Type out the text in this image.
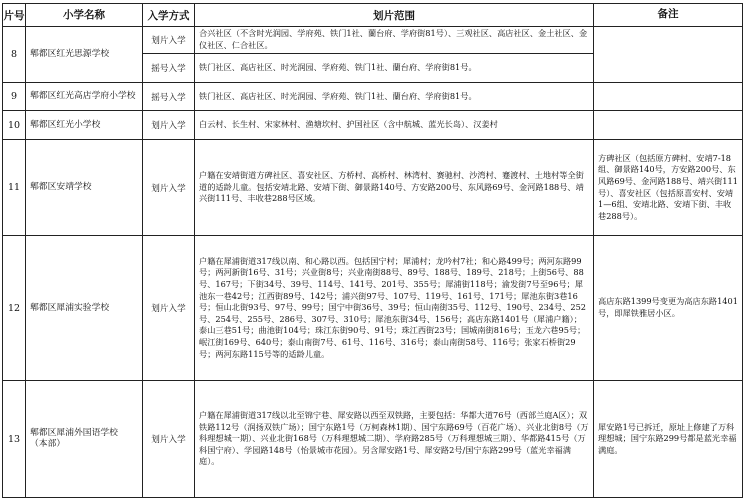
片号	小学名称	入学方式	划片范围	备注
8	郫都区红光思源学校	划片入学	合兴社区（不含时光润园、学府苑、铁门1社、蘭台府、学府街81号）、三观社区、高店社区、金土社区、金仪社区、仁合社区。	
		摇号入学	铁门社区、高店社区、时光润园、学府苑、铁门1社、蘭台府、学府街81号。	
9	郫都区红光高店学府小学校	摇号入学	铁门社区、高店社区、时光润园、学府苑、铁门1社、蘭台府、学府街81号。	
10	郫都区红光小学校	划片入学	白云村、长生村、宋家林村、渔塘坎村、护国社区（含中航城、蓝光长岛）、汉姜村	
11	郫都区安靖学校	划片入学	户籍在安靖街道方碑社区、喜安社区、方桥村、高桥村、林湾村、赛驰村、沙湾村、蹇渡村、土地村等全街道的适龄儿童。包括安靖北路、安靖下街、御景路140号、方安路200号、东风路69号、金河路188号、靖兴街111号、丰收巷288号区域。	方碑社区（包括原方碑村、安靖7-18组、御景路140号，方安路200号、东风路69号、金河路188号、靖兴街111号）、喜安社区（包括原喜安村、安靖1—6组、安靖北路、安靖下街、丰收巷288号）。
12	郫都区犀浦实验学校	划片入学	户籍在犀浦街道317线以南、和心路以西。包括国宁村；犀浦村；龙吟村7社；和心路499号；两河东路99号；两河新街16号、31号；兴业街8号；兴业南街88号、89号、188号、189号、218号；上街56号、88号、167号；下街34号、39号、114号、141号、201号、355号；犀浦街118号；渝发街7号至96号；犀池东一巷42号；江西街89号、142号；浦兴街97号、107号、119号、161号、171号；犀池东街3巷16号；恒山北街93号、97号、99号；国宁中街36号、39号；恒山南街35号、112号、190号、234号、252号、254号、255号、286号、307号、310号；犀池东街34号、156号；高店东路1401号（犀浦户籍）；泰山三巷51号；曲池街104号；珠江东街90号、91号；珠江西街23号；国城南街816号；玉龙六巷95号；岷江街169号、640号；泰山南街7号、61号、116号、316号；泰山南街58号、116号；张家石桥街29号；两河东路115号等的适龄儿童。	高店东路1399号变更为高店东路1401号，即犀铁雅居小区。
13	郫都区犀浦外国语学校
（本部）	划片入学	户籍在犀浦街道317线以北至锦宁巷、犀安路以西至双铁路，主要包括：华都大道76号（西部兰庭A区）；双铁路112号（润扬双铁广场）；国宁东路1号（万柯森林1期）、国宁东路69号（百花广场）、兴业北街8号（万科理想城一期）、兴业北街168号（万科理想城二期）、学府路285号（万科理想城三期）、华都路415号（万科国宁府）、学园路148号（怡景城市花园）。另含犀安路1号、犀安路2号/国宁东路299号（蓝光幸福满庭）。	犀安路1号已拆迁，原址上修建了万科理想城；国宁东路299号都是蓝光幸福满庭。
